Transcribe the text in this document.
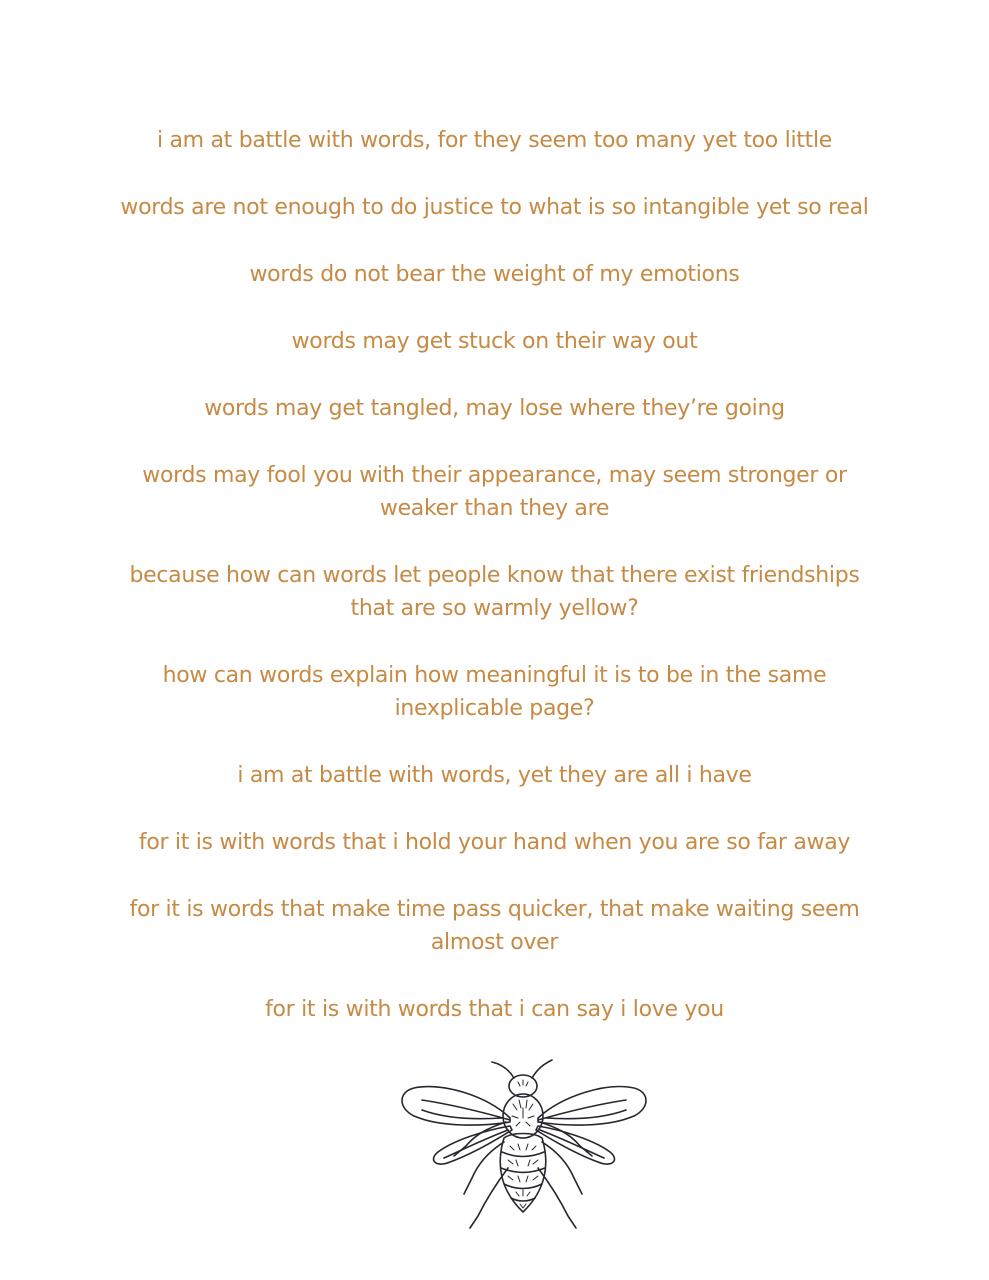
i am at battle with words, for they seem too many yet too little

words are not enough to do justice to what is so intangible yet so real

words do not bear the weight of my emotions

words may get stuck on their way out

words may get tangled, may lose where they’re going

words may fool you with their appearance, may seem stronger or
weaker than they are

because how can words let people know that there exist friendships
that are so warmly yellow?

how can words explain how meaningful it is to be in the same
inexplicable page?

i am at battle with words, yet they are all i have

for it is with words that i hold your hand when you are so far away

for it is words that make time pass quicker, that make waiting seem
almost over

for it is with words that i can say i love you
